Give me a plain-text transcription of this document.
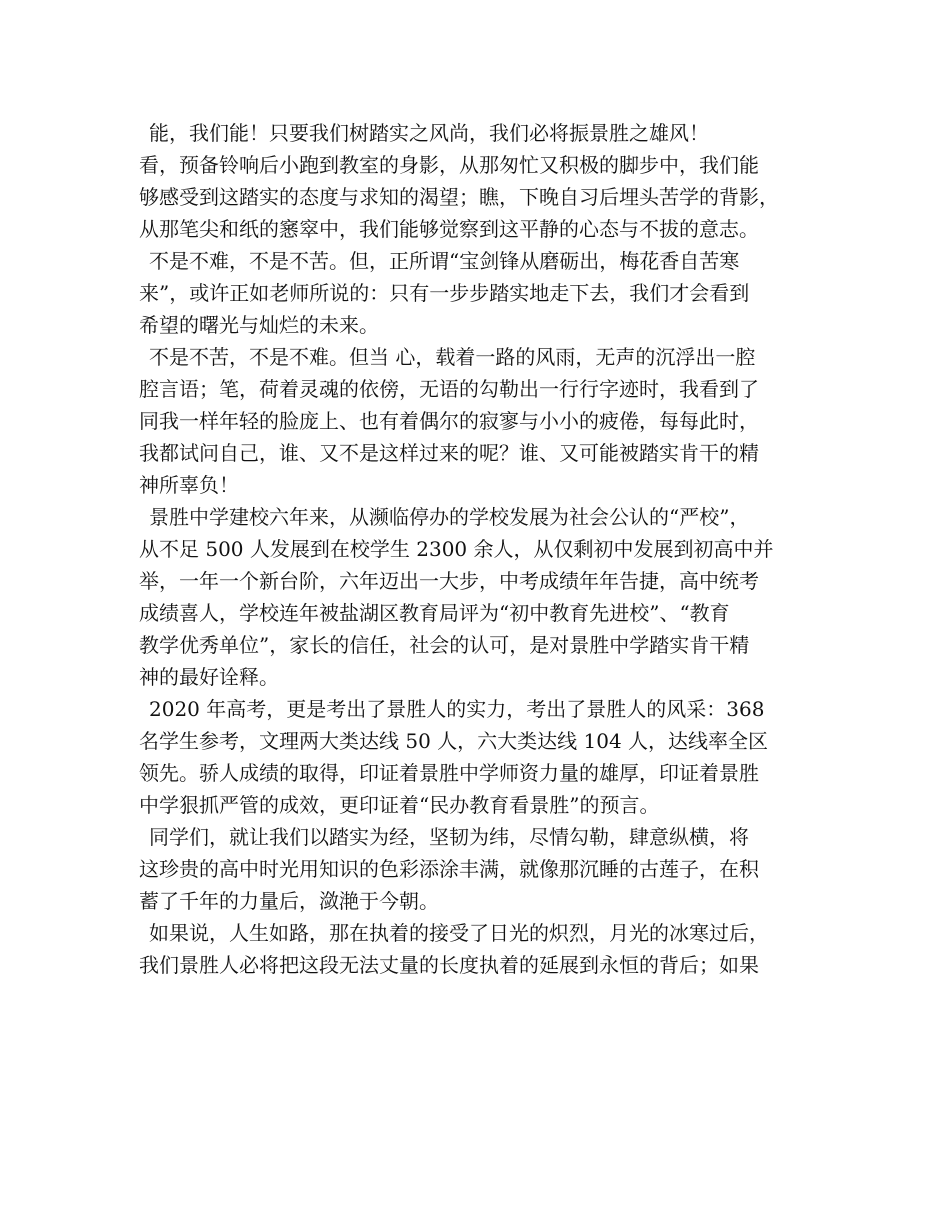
能，我们能！只要我们树踏实之风尚，我们必将振景胜之雄风！
看，预备铃响后小跑到教室的身影，从那匆忙又积极的脚步中，我们能
够感受到这踏实的态度与求知的渴望；瞧，下晚自习后埋头苦学的背影，
从那笔尖和纸的窸窣中，我们能够觉察到这平静的心态与不拔的意志。
不是不难，不是不苦。但，正所谓“宝剑锋从磨砺出，梅花香自苦寒
来”，或许正如老师所说的：只有一步步踏实地走下去，我们才会看到
希望的曙光与灿烂的未来。
不是不苦，不是不难。但当 心，载着一路的风雨，无声的沉浮出一腔
腔言语；笔，荷着灵魂的依傍，无语的勾勒出一行行字迹时，我看到了
同我一样年轻的脸庞上、也有着偶尔的寂寥与小小的疲倦，每每此时，
我都试问自己，谁、又不是这样过来的呢？谁、又可能被踏实肯干的精
神所辜负！
景胜中学建校六年来，从濒临停办的学校发展为社会公认的“严校”，
从不足 500 人发展到在校学生 2300 余人，从仅剩初中发展到初高中并
举，一年一个新台阶，六年迈出一大步，中考成绩年年告捷，高中统考
成绩喜人，学校连年被盐湖区教育局评为“初中教育先进校”、“教育
教学优秀单位”，家长的信任，社会的认可，是对景胜中学踏实肯干精
神的最好诠释。
2020 年高考，更是考出了景胜人的实力，考出了景胜人的风采：368
名学生参考，文理两大类达线 50 人，六大类达线 104 人，达线率全区
领先。骄人成绩的取得，印证着景胜中学师资力量的雄厚，印证着景胜
中学狠抓严管的成效，更印证着“民办教育看景胜”的预言。
同学们，就让我们以踏实为经，坚韧为纬，尽情勾勒，肆意纵横，将
这珍贵的高中时光用知识的色彩添涂丰满，就像那沉睡的古莲子，在积
蓄了千年的力量后，潋滟于今朝。
如果说，人生如路，那在执着的接受了日光的炽烈，月光的冰寒过后，
我们景胜人必将把这段无法丈量的长度执着的延展到永恒的背后；如果
